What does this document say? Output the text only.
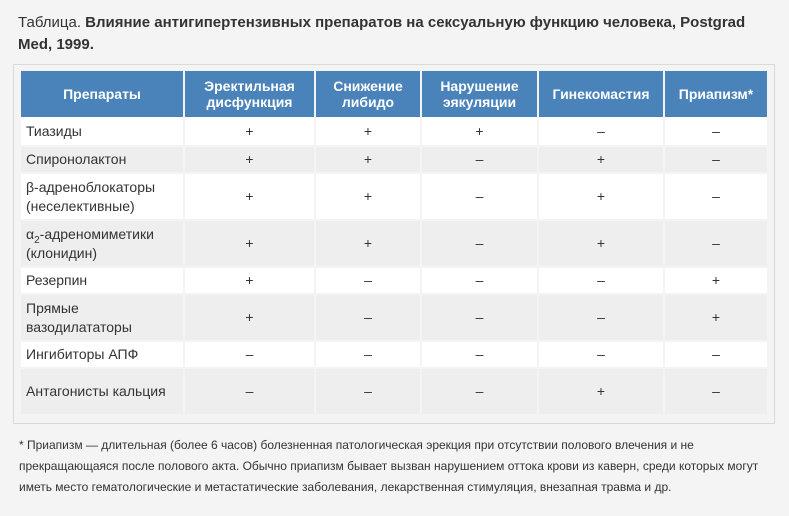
Таблица. Влияние антигипертензивных препаратов на сексуальную функцию человека, Postgrad Med, 1999.
Препараты	Эректильная дисфункция	Снижение либидо	Нарушение эякуляции	Гинекомастия	Приапизм*
Тиазиды	+	+	+	–	–
Спиронолактон	+	+	–	+	–
β-адреноблокаторы (неселективные)	+	+	–	+	–
$\alpha_2$-адреномиметики (клонидин)	+	+	–	+	–
Резерпин	+	–	–	–	+
Прямые вазодилататоры	+	–	–	–	+
Ингибиторы АПФ	–	–	–	–	–
Антагонисты кальция	–	–	–	+	–
* Приапизм — длительная (более 6 часов) болезненная патологическая эрекция при отсутствии полового влечения и не прекращающаяся после полового акта. Обычно приапизм бывает вызван нарушением оттока крови из каверн, среди которых могут иметь место гематологические и метастатические заболевания, лекарственная стимуляция, внезапная травма и др.
